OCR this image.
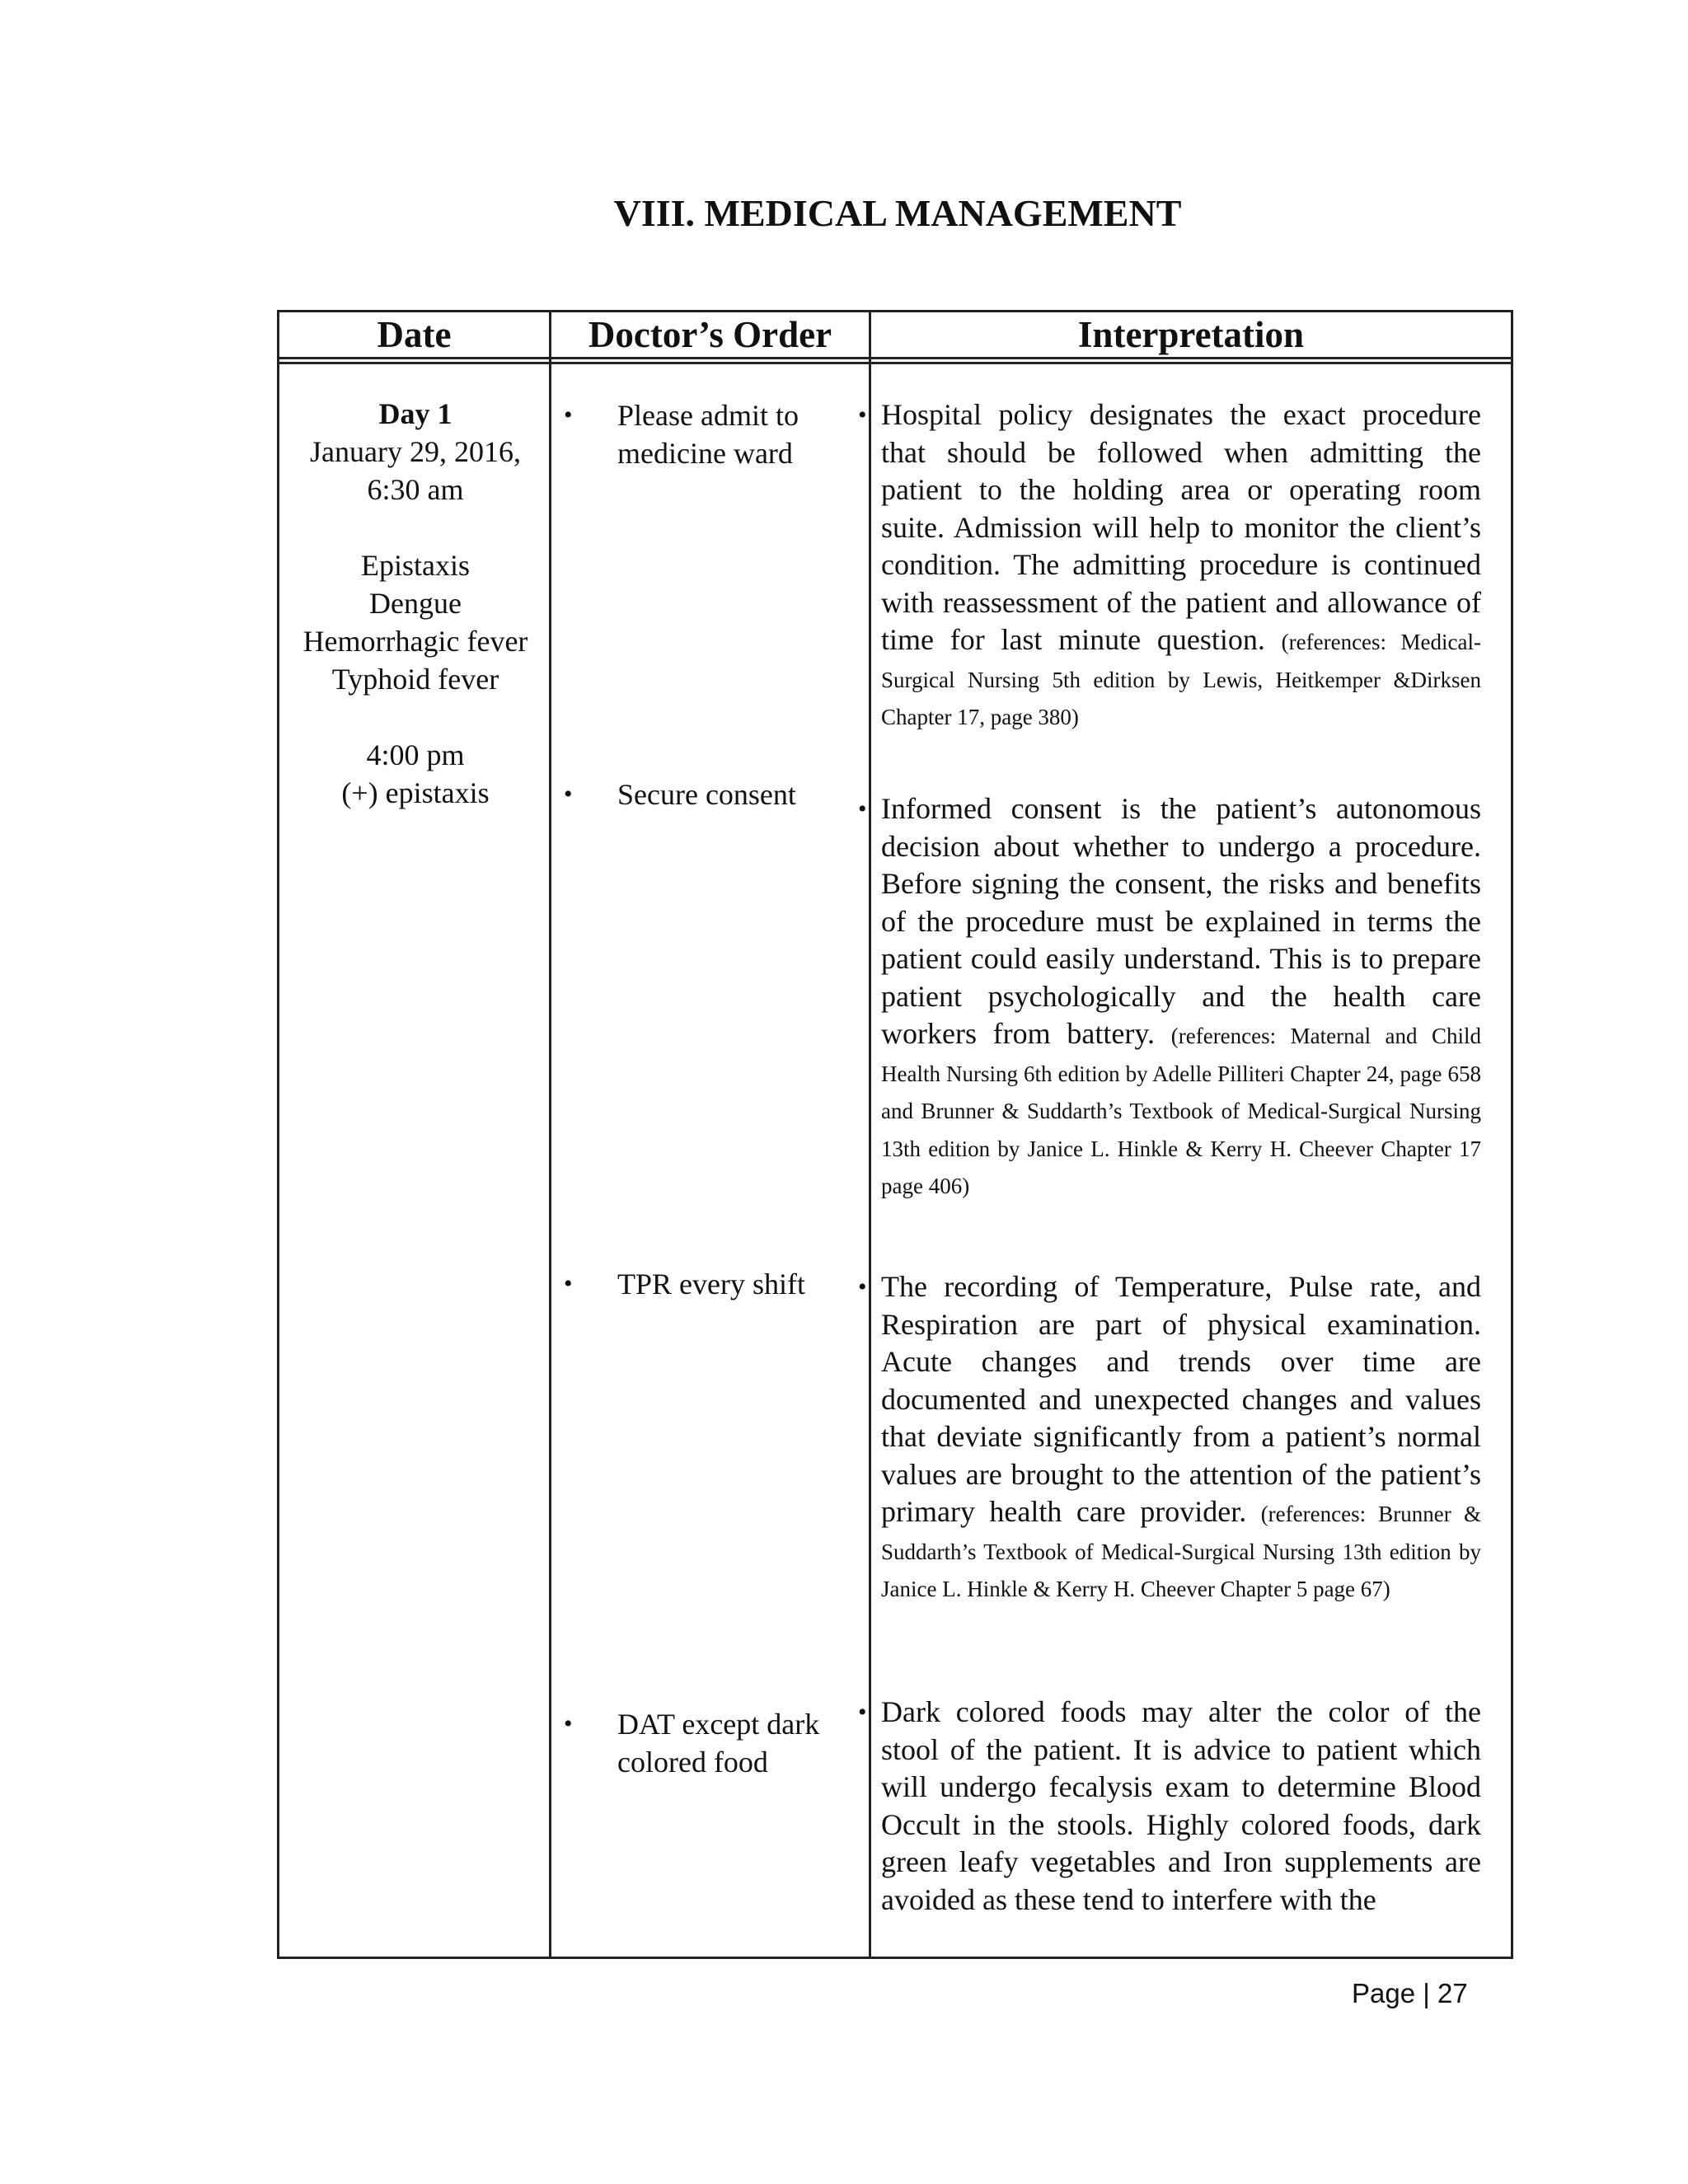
VIII. MEDICAL MANAGEMENT
Date	Doctor’s Order	Interpretation
Day 1
January 29, 2016, 6:30 am
Epistaxis
Dengue Hemorrhagic fever
Typhoid fever
4:00 pm
(+) epistaxis
• Please admit to medicine ward
• Secure consent
• TPR every shift
• DAT except dark colored food
• Hospital policy designates the exact procedure that should be followed when admitting the patient to the holding area or operating room suite. Admission will help to monitor the client’s condition. The admitting procedure is continued with reassessment of the patient and allowance of time for last minute question. (references: Medical-Surgical Nursing 5th edition by Lewis, Heitkemper &Dirksen Chapter 17, page 380)
• Informed consent is the patient’s autonomous decision about whether to undergo a procedure. Before signing the consent, the risks and benefits of the procedure must be explained in terms the patient could easily understand. This is to prepare patient psychologically and the health care workers from battery. (references: Maternal and Child Health Nursing 6th edition by Adelle Pilliteri Chapter 24, page 658 and Brunner & Suddarth’s Textbook of Medical-Surgical Nursing 13th edition by Janice L. Hinkle & Kerry H. Cheever Chapter 17 page 406)
• The recording of Temperature, Pulse rate, and Respiration are part of physical examination. Acute changes and trends over time are documented and unexpected changes and values that deviate significantly from a patient’s normal values are brought to the attention of the patient’s primary health care provider. (references: Brunner & Suddarth’s Textbook of Medical-Surgical Nursing 13th edition by Janice L. Hinkle & Kerry H. Cheever Chapter 5 page 67)
• Dark colored foods may alter the color of the stool of the patient. It is advice to patient which will undergo fecalysis exam to determine Blood Occult in the stools. Highly colored foods, dark green leafy vegetables and Iron supplements are avoided as these tend to interfere with the
Page | 27
